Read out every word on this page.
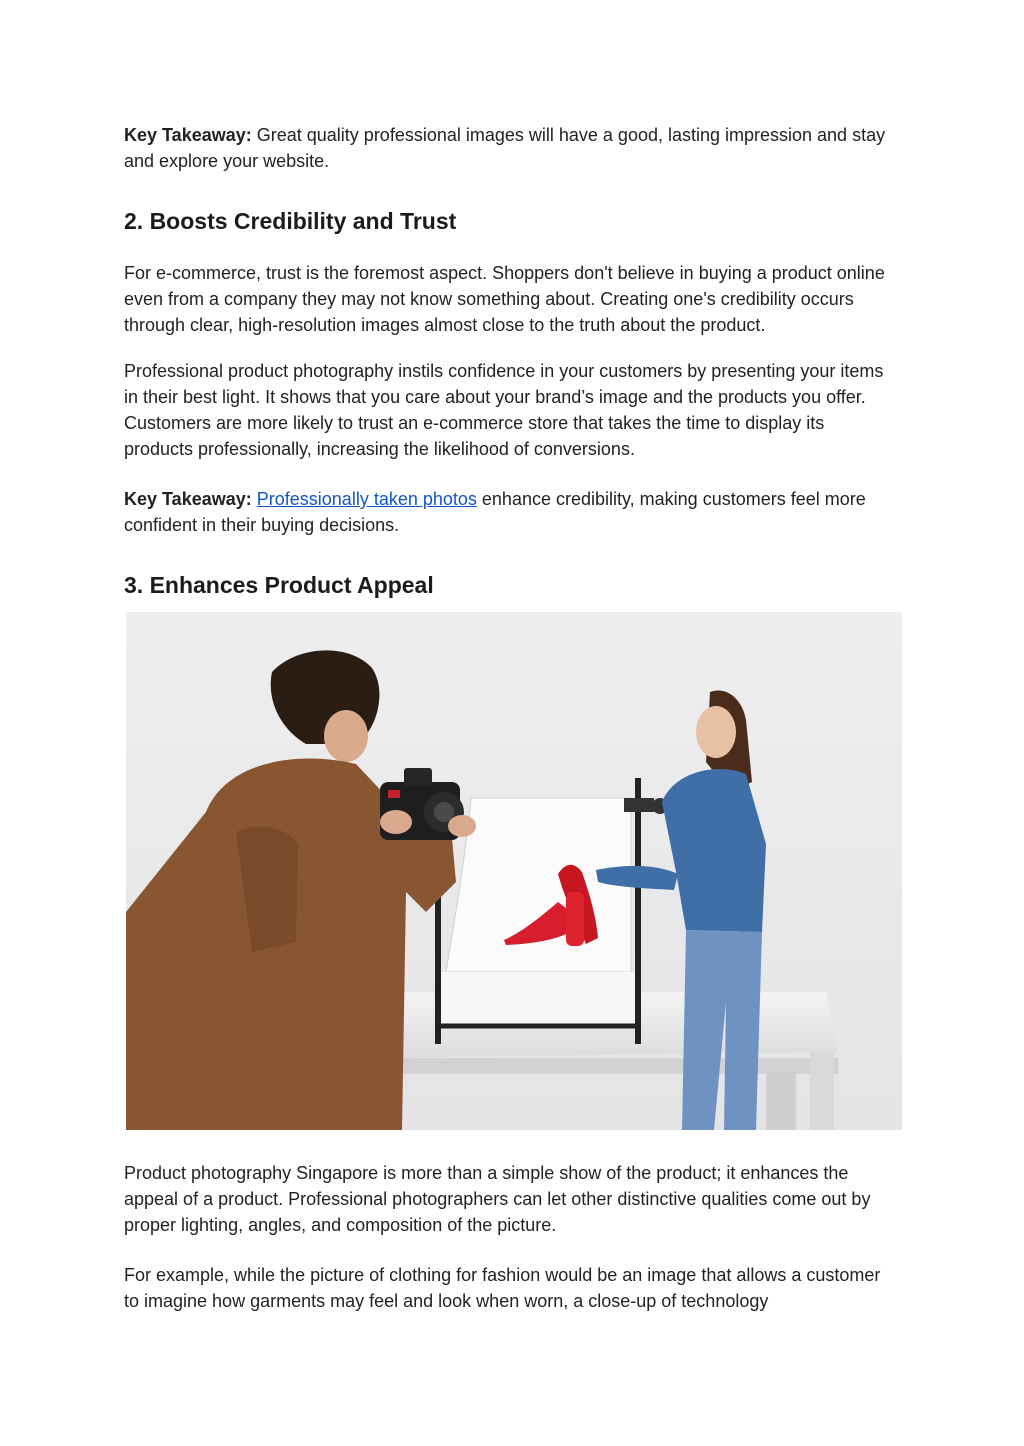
Key Takeaway: Great quality professional images will have a good, lasting impression and stay and explore your website.

2. Boosts Credibility and Trust

For e-commerce, trust is the foremost aspect. Shoppers don't believe in buying a product online even from a company they may not know something about. Creating one's credibility occurs through clear, high-resolution images almost close to the truth about the product.

Professional product photography instils confidence in your customers by presenting your items in their best light. It shows that you care about your brand’s image and the products you offer. Customers are more likely to trust an e-commerce store that takes the time to display its products professionally, increasing the likelihood of conversions.

Key Takeaway: Professionally taken photos enhance credibility, making customers feel more confident in their buying decisions.

3. Enhances Product Appeal

Product photography Singapore is more than a simple show of the product; it enhances the appeal of a product. Professional photographers can let other distinctive qualities come out by proper lighting, angles, and composition of the picture.

For example, while the picture of clothing for fashion would be an image that allows a customer to imagine how garments may feel and look when worn, a close-up of technology
